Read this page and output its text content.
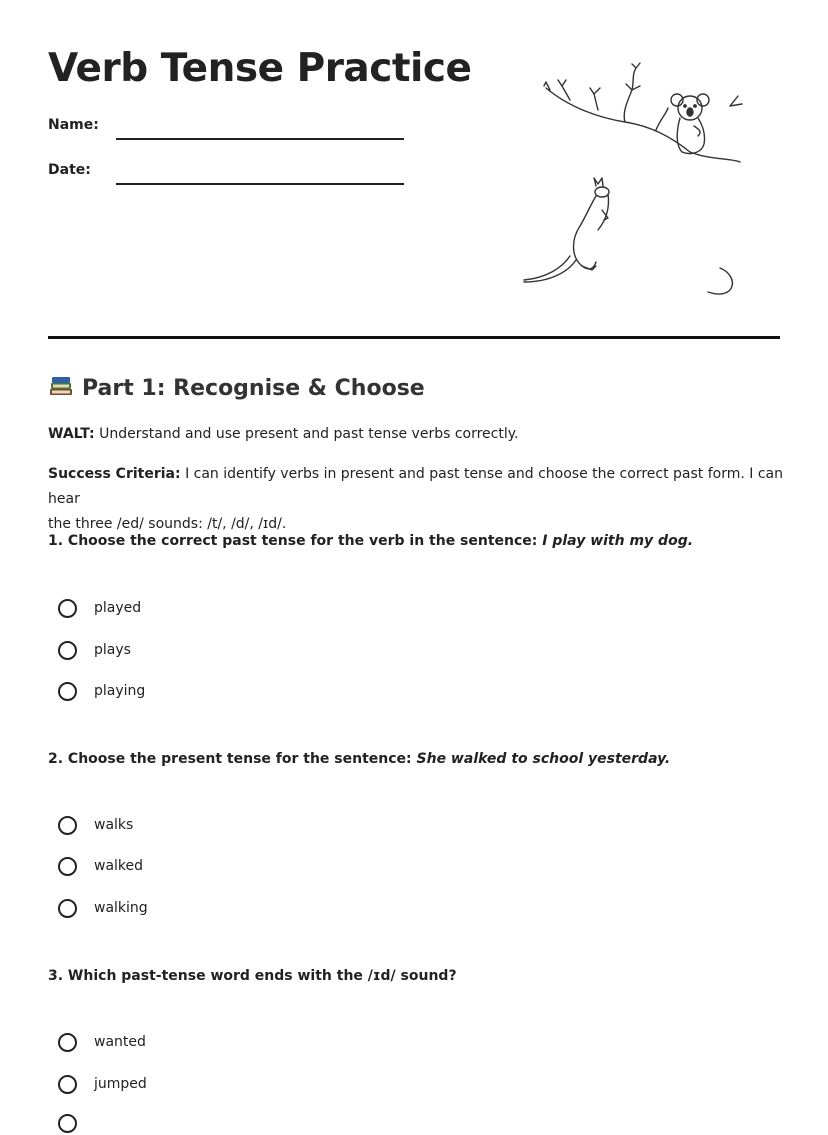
Verb Tense Practice
Name:
Date:
Part 1: Recognise & Choose

WALT: Understand and use present and past tense verbs correctly.

Success Criteria: I can identify verbs in present and past tense and choose the correct past form. I can hear
the three /ed/ sounds: /t/, /d/, /ɪd/.

1. Choose the correct past tense for the verb in the sentence: I play with my dog.

played
plays
playing

2. Choose the present tense for the sentence: She walked to school yesterday.

walks
walked
walking

3. Which past-tense word ends with the /ɪd/ sound?

wanted
jumped
